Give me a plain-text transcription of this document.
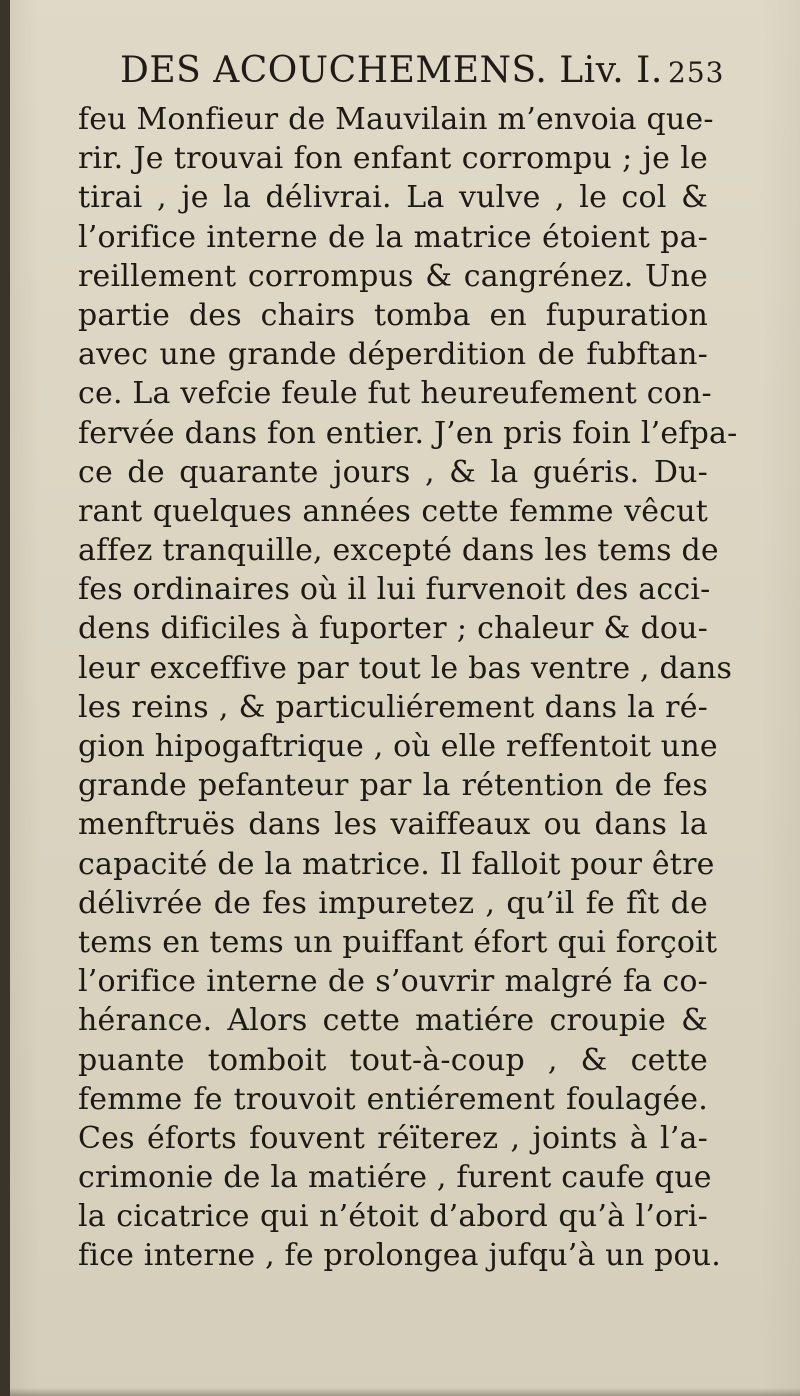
DES ACOUCHEMENS. Liv. I. 253
feu Monfieur de Mauvilain m’envoia que-
rir. Je trouvai fon enfant corrompu ; je le
tirai , je la délivrai. La vulve , le col &
l’orifice interne de la matrice étoient pa-
reillement corrompus & cangrénez. Une
partie des chairs tomba en fupuration
avec une grande déperdition de fubftan-
ce. La vefcie feule fut heureufement con-
fervée dans fon entier. J’en pris foin l’efpa-
ce de quarante jours , & la guéris. Du-
rant quelques années cette femme vêcut
affez tranquille, excepté dans les tems de
fes ordinaires où il lui furvenoit des acci-
dens dificiles à fuporter ; chaleur & dou-
leur exceffive par tout le bas ventre , dans
les reins , & particuliérement dans la ré-
gion hipogaftrique , où elle reffentoit une
grande pefanteur par la rétention de fes
menftruës dans les vaiffeaux ou dans la
capacité de la matrice. Il falloit pour être
délivrée de fes impuretez , qu’il fe fît de
tems en tems un puiffant éfort qui forçoit
l’orifice interne de s’ouvrir malgré fa co-
hérance. Alors cette matiére croupie &
puante tomboit tout-à-coup , & cette
femme fe trouvoit entiérement foulagée.
Ces éforts fouvent réïterez , joints à l’a-
crimonie de la matiére , furent caufe que
la cicatrice qui n’étoit d’abord qu’à l’ori-
fice interne , fe prolongea jufqu’à un pou.
